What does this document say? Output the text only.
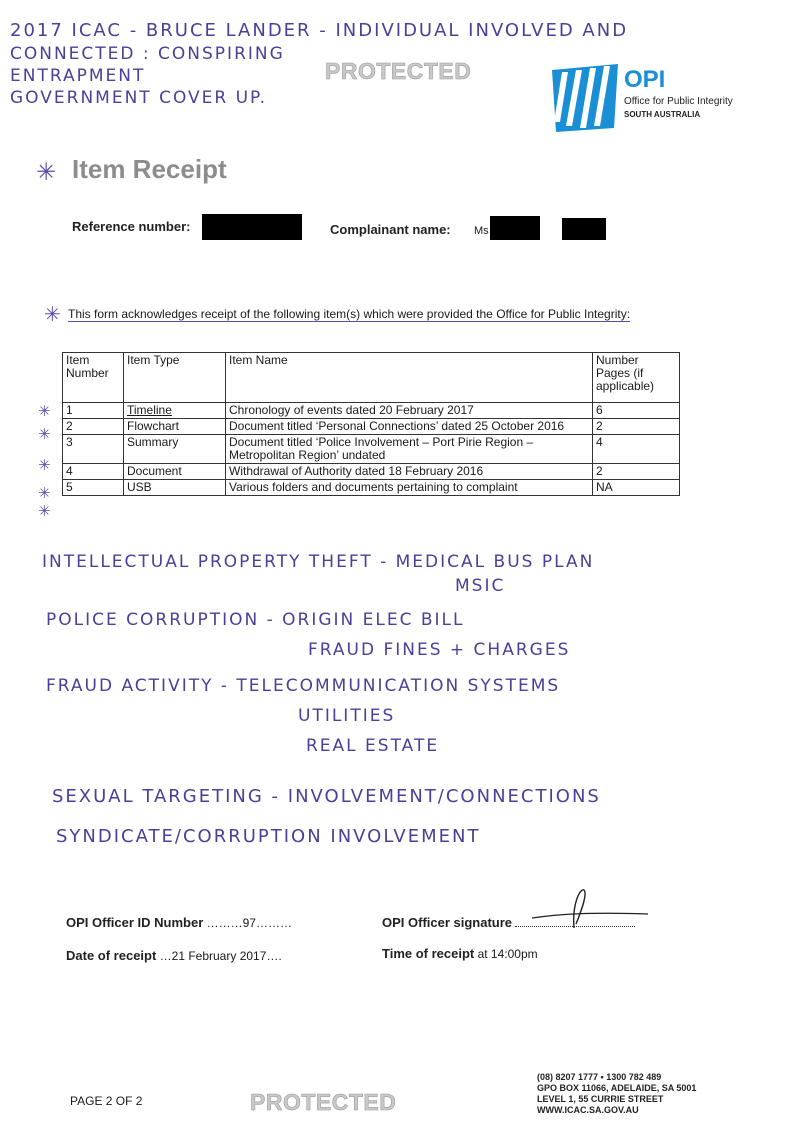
2017 ICAC - BRUCE LANDER - INDIVIDUAL INVOLVED AND
CONNECTED : CONSPIRING
ENTRAPMENT
GOVERNMENT COVER UP.
PROTECTED	OPI
Office for Public Integrity
SOUTH AUSTRALIA
✳ Item Receipt
Reference number:	Complainant name: Ms
✳ This form acknowledges receipt of the following item(s) which were provided the Office for Public Integrity:
Item Number	Item Type	Item Name	Number Pages (if applicable)
1	Timeline	Chronology of events dated 20 February 2017	6
2	Flowchart	Document titled ‘Personal Connections’ dated 25 October 2016	2
3	Summary	Document titled ‘Police Involvement – Port Pirie Region – Metropolitan Region’ undated	4
4	Document	Withdrawal of Authority dated 18 February 2016	2
5	USB	Various folders and documents pertaining to complaint	NA
✳
✳
✳
✳
✳
INTELLECTUAL PROPERTY THEFT - MEDICAL BUS PLAN
MSIC
POLICE CORRUPTION - ORIGIN ELEC BILL
FRAUD FINES + CHARGES
FRAUD ACTIVITY - TELECOMMUNICATION SYSTEMS
UTILITIES
REAL ESTATE
SEXUAL TARGETING - INVOLVEMENT/CONNECTIONS
SYNDICATE/CORRUPTION INVOLVEMENT
OPI Officer ID Number ………97………	OPI Officer signature
Date of receipt …21 February 2017….	Time of receipt at 14:00pm
PAGE 2 OF 2	PROTECTED
(08) 8207 1777 • 1300 782 489
GPO BOX 11066, ADELAIDE, SA 5001
LEVEL 1, 55 CURRIE STREET
WWW.ICAC.SA.GOV.AU
